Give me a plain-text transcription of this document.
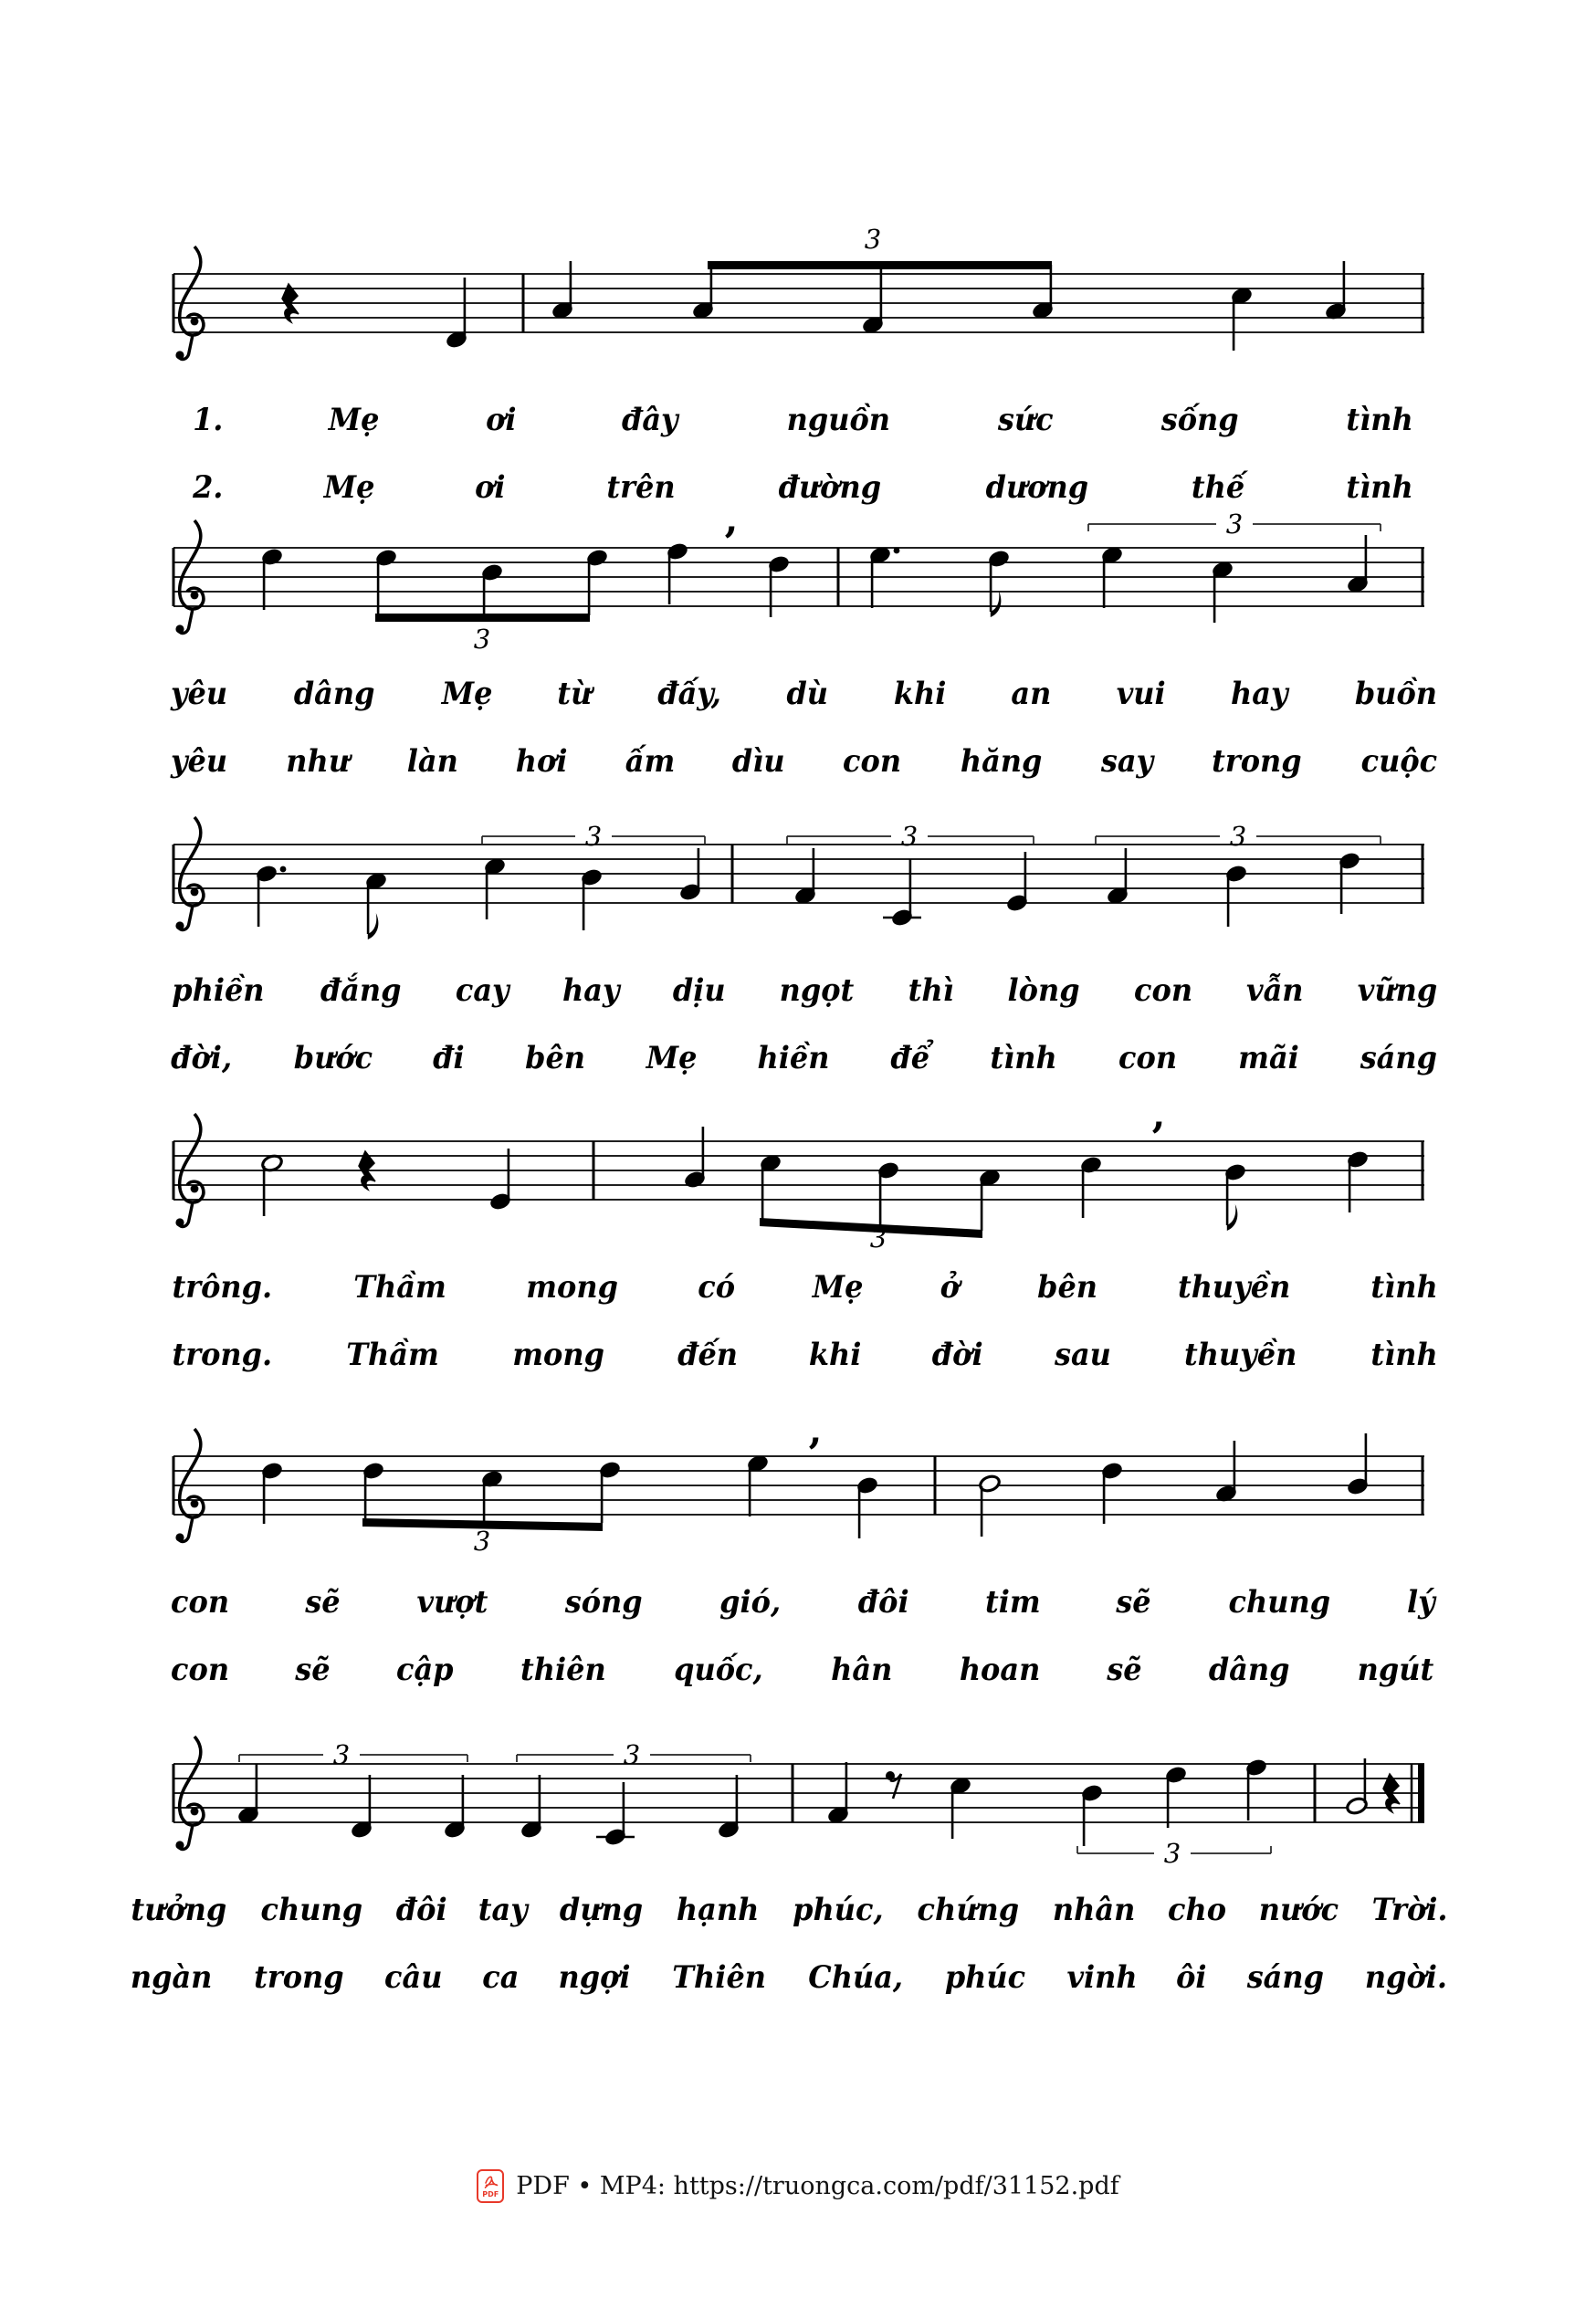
3
3
’	3
3	3	3
3
’
3
’
3	3
3
1.	Mẹ	ơi	đây	nguồn	sức	sống	tình
2.	Mẹ	ơi	trên	đường	dương	thế	tình
yêu dâng Mẹ từ đấy, dù khi an vui hay buồn
yêu như làn hơi ấm dìu con hăng say trong cuộc
phiền đắng cay hay dịu ngọt thì lòng con vẫn vững
đời, bước đi bên Mẹ hiền để tình con mãi sáng
trông.	Thầm	mong	có Mẹ ở bên	thuyền	tình
trong. Thầm mong đến khi đời sau thuyền tình
con sẽ vượt	sóng gió, đôi tim sẽ chung lý
con sẽ cập thiên quốc, hân hoan sẽ dâng ngút
tưởng chung đôi tay dựng hạnh phúc, chứng nhân cho nước Trời.
ngàn trong câu ca ngợi Thiên Chúa, phúc vinh ôi sáng ngời.
PDF PDF • MP4: https://truongca.com/pdf/31152.pdf
